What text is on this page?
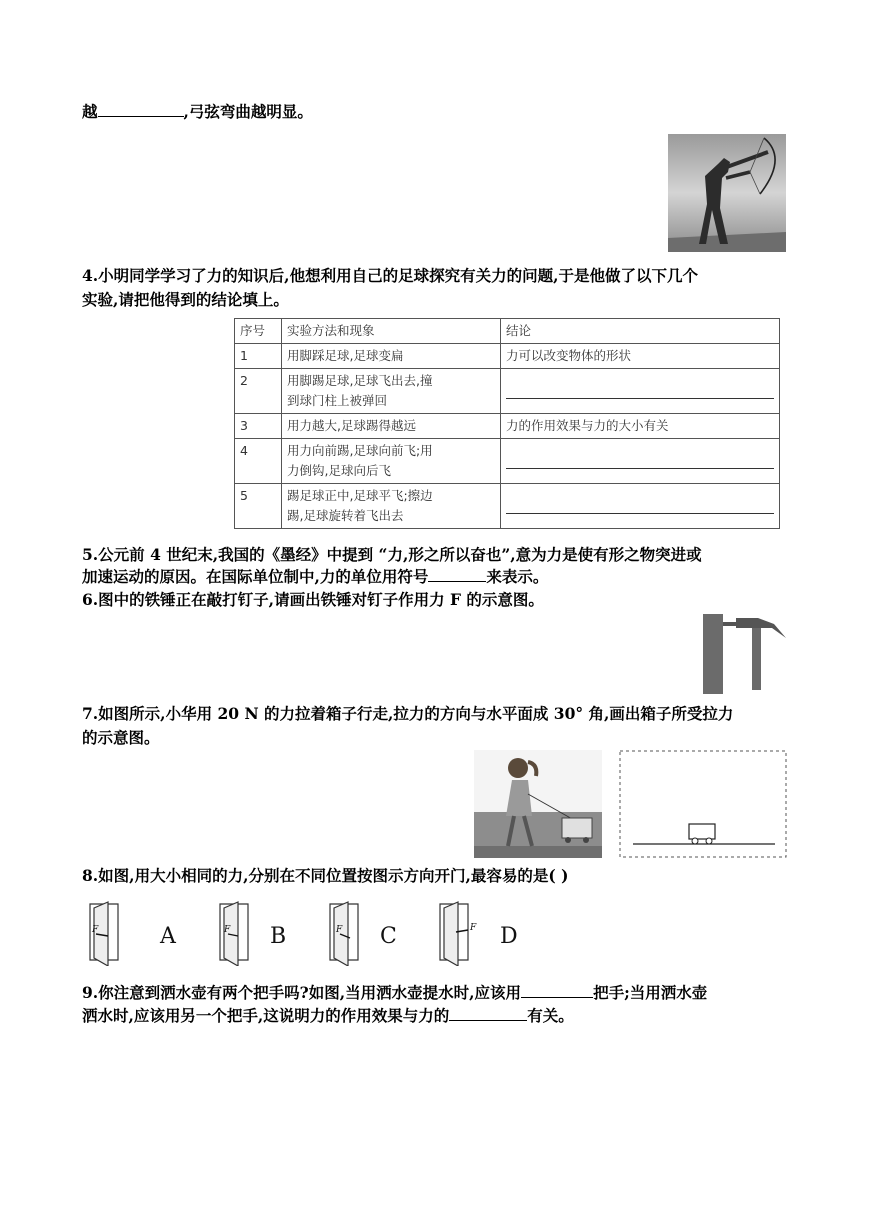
越	,弓弦弯曲越明显。
4.小明同学学习了力的知识后,他想利用自己的足球探究有关力的问题,于是他做了以下几个
实验,请把他得到的结论填上。
序号	实验方法和现象	结论
1	用脚踩足球,足球变扁	力可以改变物体的形状
2	用脚踢足球,足球飞出去,撞
到球门柱上被弹回	

3	用力越大,足球踢得越远	力的作用效果与力的大小有关
4	用力向前踢,足球向前飞;用
力倒钩,足球向后飞	

5	踢足球正中,足球平飞;擦边
踢,足球旋转着飞出去	
5.公元前 4 世纪末,我国的《墨经》中提到 “力,形之所以奋也”,意为力是使有形之物突进或
加速运动的原因。在国际单位制中,力的单位用符号	来表示。
6.图中的铁锤正在敲打钉子,请画出铁锤对钉子作用力 F 的示意图。
7.如图所示,小华用 20 N 的力拉着箱子行走,拉力的方向与水平面成 30° 角,画出箱子所受拉力
的示意图。
8.如图,用大小相同的力,分别在不同位置按图示方向开门,最容易的是( )
F	F	F	F
A	B	C	D
9.你注意到洒水壶有两个把手吗?如图,当用洒水壶提水时,应该用	把手;当用洒水壶
洒水时,应该用另一个把手,这说明力的作用效果与力的	有关。
